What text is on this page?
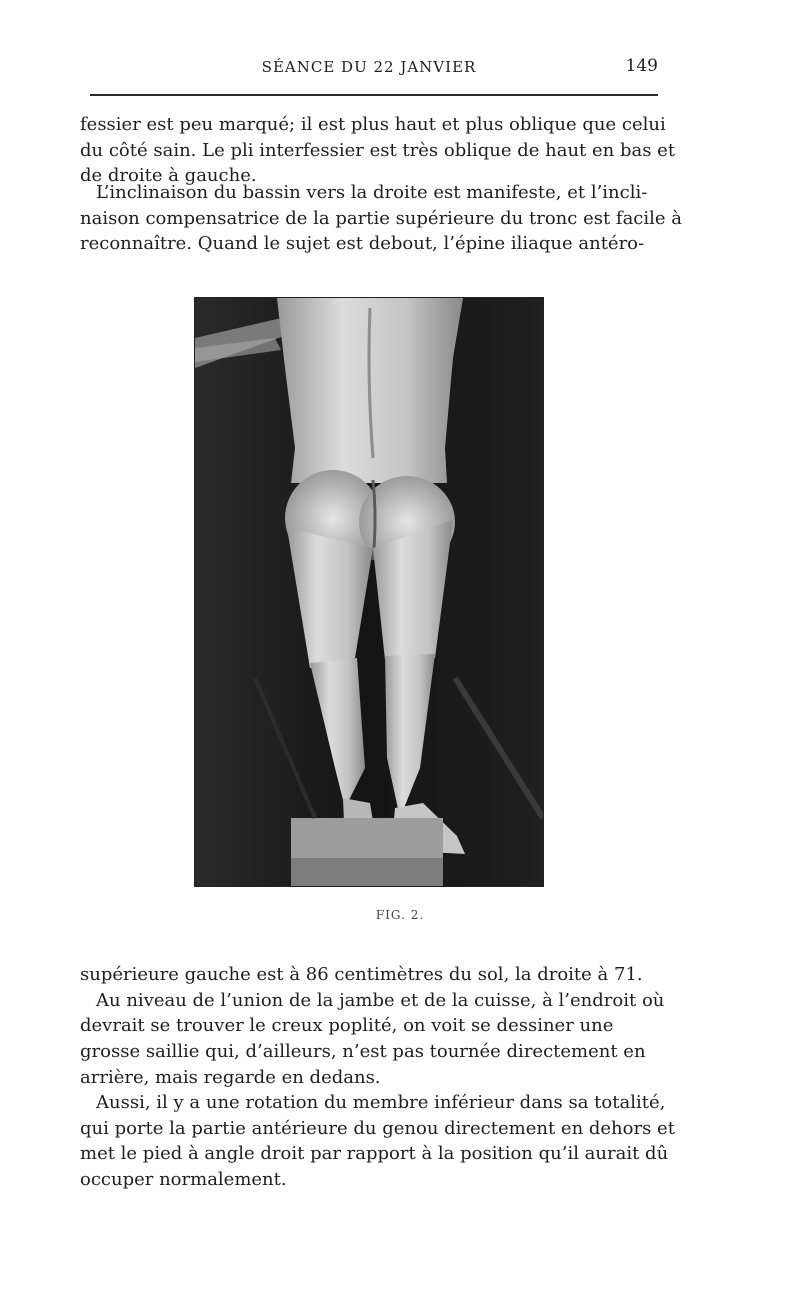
SÉANCE DU 22 JANVIER	149

fessier est peu marqué; il est plus haut et plus oblique que celui
du côté sain. Le pli interfessier est très oblique de haut en bas et
de droite à gauche.

L’inclinaison du bassin vers la droite est manifeste, et l’incli-
naison compensatrice de la partie supérieure du tronc est facile à
reconnaître. Quand le sujet est debout, l’épine iliaque antéro-

FIG. 2.

supérieure gauche est à 86 centimètres du sol, la droite à 71.
Au niveau de l’union de la jambe et de la cuisse, à l’endroit où
devrait se trouver le creux poplité, on voit se dessiner une
grosse saillie qui, d’ailleurs, n’est pas tournée directement en
arrière, mais regarde en dedans.

Aussi, il y a une rotation du membre inférieur dans sa totalité,
qui porte la partie antérieure du genou directement en dehors et
met le pied à angle droit par rapport à la position qu’il aurait dû
occuper normalement.
